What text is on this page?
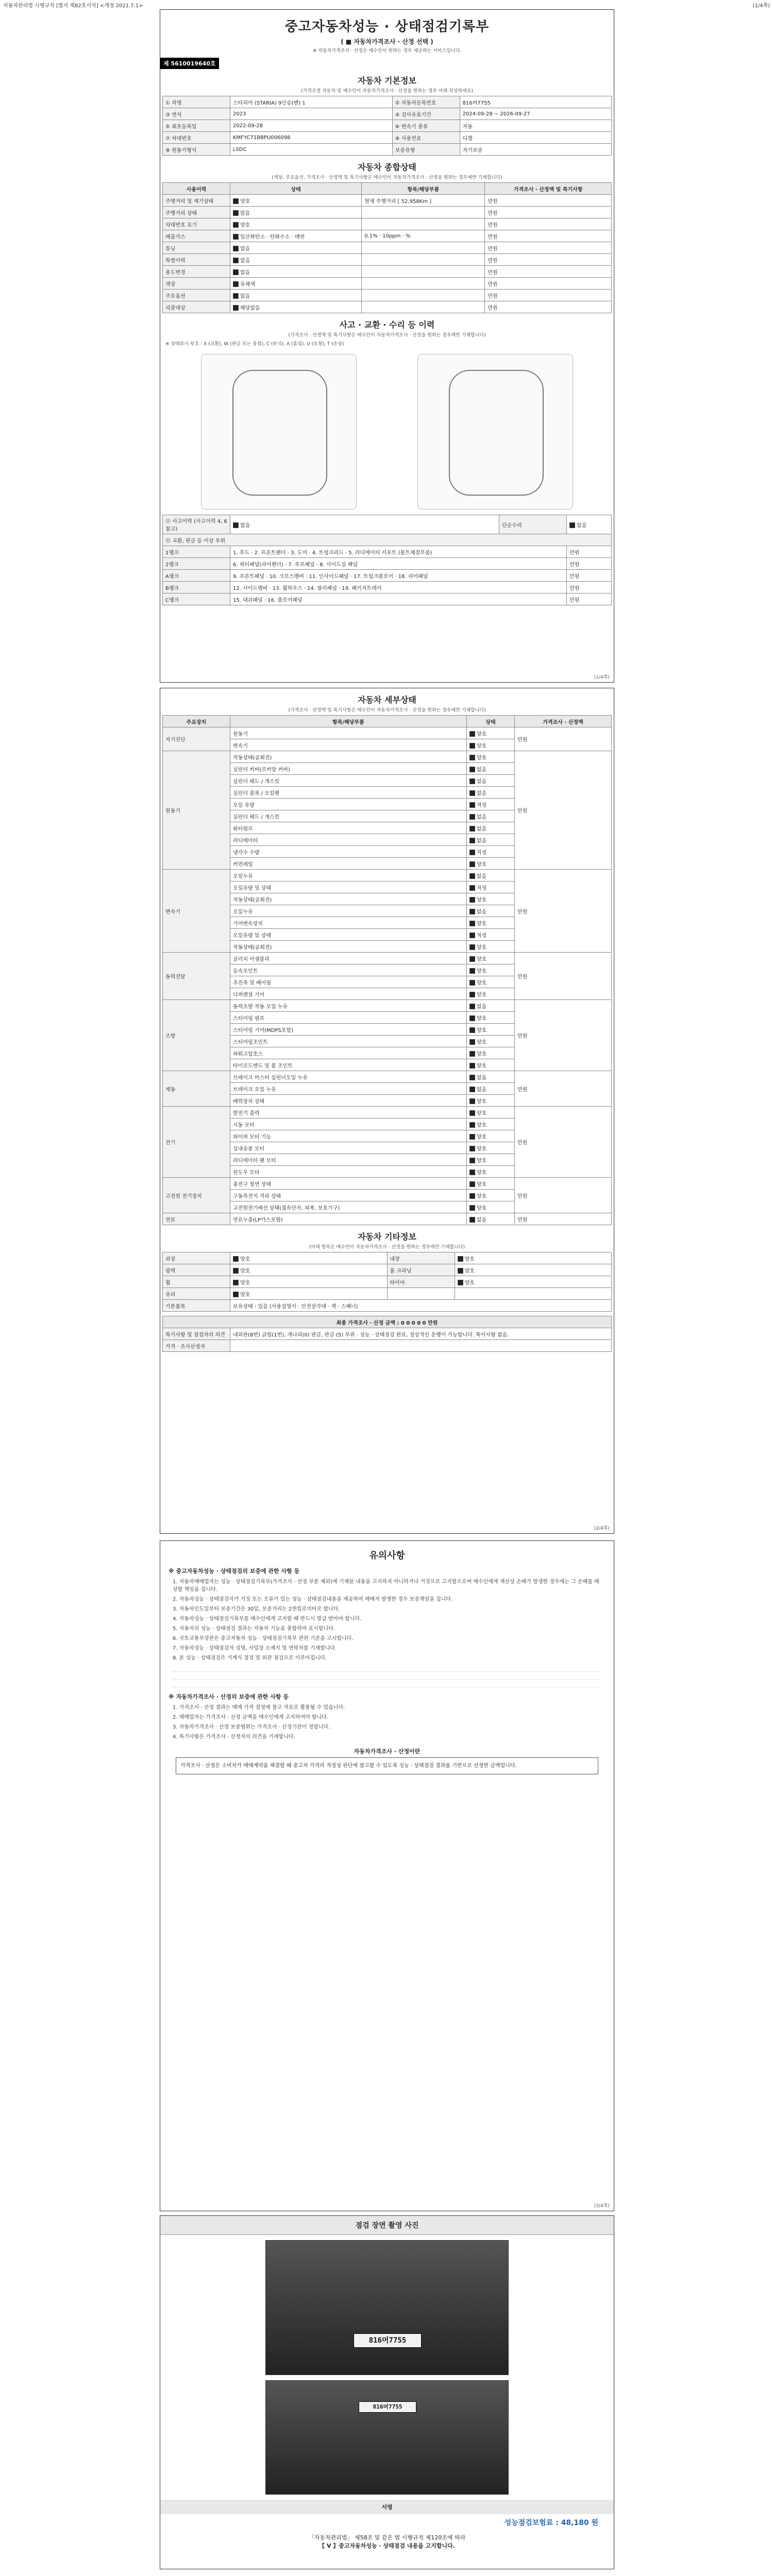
자동차관리법 시행규칙 [별지 제82호서식] <개정 2021.7.1>	(1/4쪽)
중고자동차성능 · 상태점검기록부
( ■ 자동차가격조사 · 산정 선택 )
※ 자동차가격조사 · 산정은 매수인이 원하는 경우 제공하는 서비스입니다.
제 5610019640호
자동차 기본정보
(가격조정 자동차 및 매수인이 자동차가격조사 · 산정을 원하는 경우 아래 작성하세요)
① 차명	스타리아 (STARIA) 9인승(밴) 1	② 자동차등록번호	816머7755
③ 연식	2023	④ 검사유효기간	2024-09-28 ~ 2026-09-27
⑤ 최초등록일	2022-09-28	⑥ 변속기 종류	자동
⑦ 차대번호	KMFYC71BBPU006098	⑧ 사용연료	디젤
⑨ 원동기형식	LSDC	보증유형	자기보증
자동차 종합상태
(색상, 주요옵션, 가격조사 · 산정액 및 특기사항은 매수인이 자동차가격조사 · 산정을 원하는 경우에만 기재합니다)
사용이력	상태	항목/해당부품	가격조사 · 산정액 및 특기사항
주행거리 및 계기상태	양호	현재 주행거리 [ 52,958Km ]	만원
주행거리 상태	많음		만원
차대번호 표기	양호		만원
배출가스	일산화탄소 · 탄화수소 · 매연	0.1% · 10ppm · %	만원
튜닝	없음		만원
특별이력	없음		만원
용도변경	없음		만원
색상	유채색		만원
주요옵션	없음		만원
리콜대상	해당없음		만원
사고 · 교환 · 수리 등 이력
(가격조사 · 산정액 및 특기사항은 매수인이 자동차가격조사 · 산정을 원하는 경우에만 기재합니다)
※ 상태표시 부호 : X (교환), W (판금 또는 용접), C (부식), A (흠집), U (요철), T (손상)
⑪ 사고이력 (사고이력 4, 6참고)	없음	단순수리	없음
⑫ 교환, 판금 등 이상 부위			
1랭크	1. 후드 · 2. 프론트펜더 · 3. 도어 · 4. 트렁크리드 · 5. 라디에이터 서포트 (볼트체결부품)		만원
2랭크	6. 쿼터패널(리어펜더) · 7. 루프패널 · 8. 사이드실 패널		만원
A랭크	9. 프론트패널 · 10. 크로스멤버 · 11. 인사이드패널 · 17. 트렁크플로어 · 18. 리어패널		만원
B랭크	12. 사이드멤버 · 13. 휠하우스 · 14. 필러패널 · 19. 패키지트레이		만원
C랭크	15. 대쉬패널 · 16. 플로어패널		만원
(1/4쪽)
자동차 세부상태
(가격조사 · 산정액 및 특기사항은 매수인이 자동차가격조사 · 산정을 원하는 경우에만 기재합니다)
주요장치	항목/해당부품	상태	가격조사 · 산정액
자기진단	원동기	양호	만원
	변속기	양호	
원동기	작동상태(공회전)	양호	만원
	실린더 커버(로커암 커버)	없음	
	실린더 헤드 / 개스킷	없음	
	실린더 블록 / 오일팬	없음	
	오일 유량	적정	
	실린더 헤드 / 개스킷	없음	
	워터펌프	없음	
	라디에이터	없음	
	냉각수 수량	적정	
	커먼레일	양호	
변속기	오일누유	없음	만원
	오일유량 및 상태	적정	
	작동상태(공회전)	양호	
	오일누유	없음	
	기어변속장치	양호	
	오일유량 및 상태	적정	
	작동상태(공회전)	양호	
동력전달	클러치 어셈블리	양호	만원
	등속조인트	양호	
	추진축 및 베어링	양호	
	디퍼렌셜 기어	양호	
조향	동력조향 작동 오일 누유	없음	만원
	스티어링 펌프	양호	
	스티어링 기어(MDPS포함)	양호	
	스티어링조인트	양호	
	파워고압호스	양호	
	타이로드엔드 및 볼 조인트	양호	
제동	브레이크 마스터 실린더오일 누유	없음	만원
	브레이크 오일 누유	없음	
	배력장치 상태	양호	
전기	발전기 출력	양호	만원
	시동 모터	양호	
	와이퍼 모터 기능	양호	
	실내송풍 모터	양호	
	라디에이터 팬 모터	양호	
	윈도우 모터	양호	
고전원 전기장치	충전구 절연 상태	양호	만원
	구동축전지 격리 상태	양호	
	고전원전기배선 상태(접속단자, 피복, 보호기구)	양호	
연료	연료누출(LP가스포함)	없음	만원
자동차 기타정보
(아래 항목은 매수인이 자동차가격조사 · 산정을 원하는 경우에만 기재합니다)
외장	양호	내장	양호
광택	양호	룸 크리닝	양호
휠	양호	타이어	양호
유리	양호		
기본품목	보유상태 : 있음 (사용설명서 · 안전삼각대 · 잭 · 스패너)		
최종 가격조사 · 산정 금액 : 0 0 0 0 0 만원	
특기사항 및 점검자의 의견	내외판(8번) 긁힘(1번), 개나리(0) 판금, 판금 (5) 부위 · 성능 · 상태점검 완료, 정상적인 운행이 가능합니다. 특이사항 없음.
가격 · 조사산정자	
(2/4쪽)
유의사항
※ 중고자동차성능 · 상태점검의 보증에 관한 사항 등
1. 자동차매매업자는 성능 · 상태점검기록부(가격조사 · 산정 부분 제외)에 기재된 내용을 고지하지 아니하거나 거짓으로 고지함으로써 매수인에게 재산상 손해가 발생한 경우에는 그 손해를 배상할 책임을 집니다.
2. 자동차성능 · 상태점검자가 거짓 또는 오류가 있는 성능 · 상태점검내용을 제공하여 매매자 발생한 경우 보증책임을 집니다.
3. 자동차인도일부터 보증기간은 30일, 보증거리는 2천킬로미터로 합니다.
4. 자동차성능 · 상태점검기록부를 매수인에게 고지할 때 반드시 발급 받아야 합니다.
5. 자동차의 성능 · 상태점검 결과는 자동차 기능을 종합하여 표시합니다.
6. 국토교통부장관은 중고자동차 성능 · 상태점검기록부 관련 기준을 고시합니다.
7. 자동차성능 · 상태점검자 성명, 사업장 소재지 및 연락처를 기재합니다.
8. 본 성능 · 상태점검은 기계식 점검 및 외관 점검으로 이루어집니다.
※ 자동차가격조사 · 산정의 보증에 관한 사항 등
1. 가격조사 · 산정 결과는 매매 가격 결정에 참고 자료로 활용될 수 있습니다.
2. 매매업자는 가격조사 · 산정 금액을 매수인에게 고지하여야 합니다.
3. 자동차가격조사 · 산정 보증범위는 가격조사 · 산정기관이 정합니다.
4. 특기사항은 가격조사 · 산정자의 의견을 기재합니다.
자동차가격조사 · 산정이란
가격조사 · 산정은 소비자가 매매계약을 체결할 때 중고차 가격의 적정성 판단에 참고할 수 있도록 성능 · 상태점검 결과를 기반으로 산정한 금액입니다.
(3/4쪽)
점검 장면 촬영 사진
816머7755
816머7755
서명
성능점검보험료 : 48,180 원
「자동차관리법」 제58조 및 같은 법 시행규칙 제120조에 따라
【 V 】중고자동차성능 · 상태점검 내용을 고지합니다.
